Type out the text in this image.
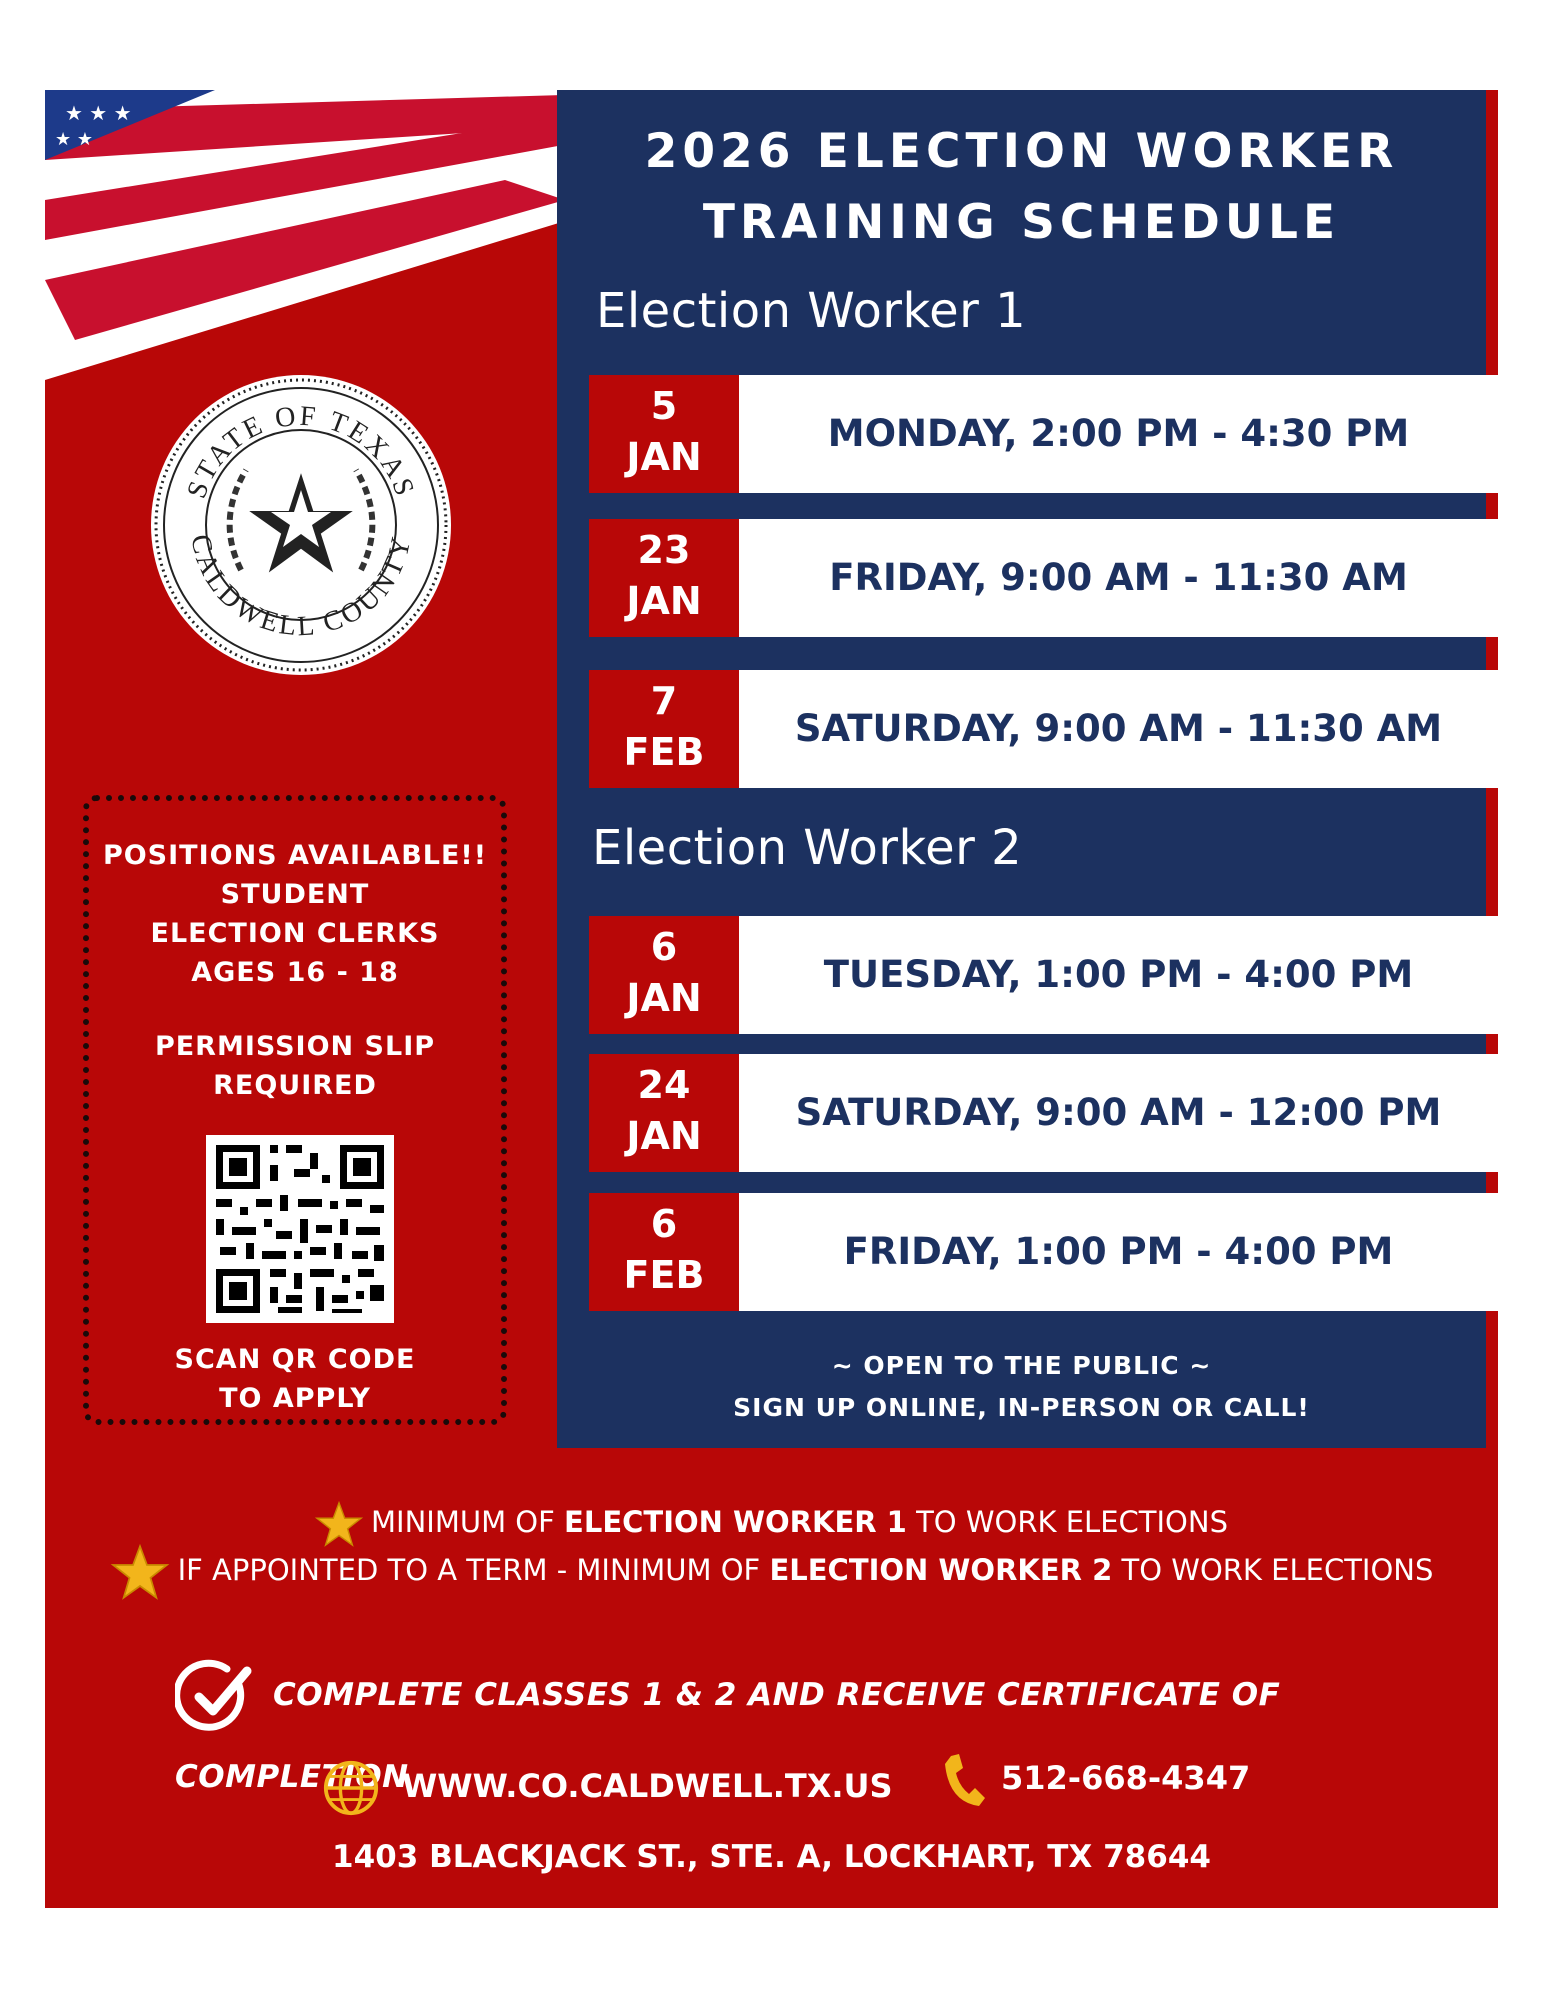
★ ★ ★
★ ★	2026 ELECTION WORKER
TRAINING SCHEDULE
Election Worker 1
5
JAN
MONDAY, 2:00 PM - 4:30 PM
23
JAN
FRIDAY, 9:00 AM - 11:30 AM
7
FEB
SATURDAY, 9:00 AM - 11:30 AM
Election Worker 2
6
JAN
TUESDAY, 1:00 PM - 4:00 PM
24
JAN
SATURDAY, 9:00 AM - 12:00 PM
6
FEB
FRIDAY, 1:00 PM - 4:00 PM
~ OPEN TO THE PUBLIC ~
SIGN UP ONLINE, IN-PERSON OR CALL!
STATE OF TEXAS
CALDWELL COUNTY
POSITIONS AVAILABLE!!
STUDENT
ELECTION CLERKS
AGES 16 - 18
PERMISSION SLIP
REQUIRED
SCAN QR CODE
TO APPLY
MINIMUM OF ELECTION WORKER 1 TO WORK ELECTIONS
IF APPOINTED TO A TERM - MINIMUM OF ELECTION WORKER 2 TO WORK ELECTIONS
COMPLETE CLASSES 1 & 2 AND RECEIVE CERTIFICATE OF COMPLETION
WWW.CO.CALDWELL.TX.US	512-668-4347
1403 BLACKJACK ST., STE. A, LOCKHART, TX 78644
